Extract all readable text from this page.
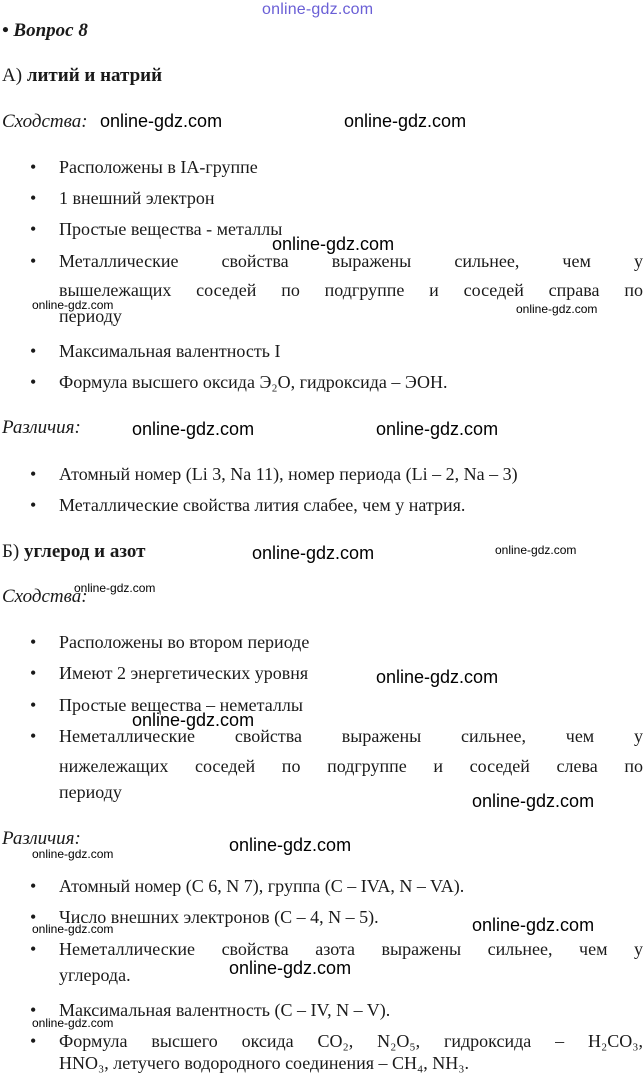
online-gdz.com
• Вопрос 8
А) литий и натрий
Сходства: online-gdz.com	online-gdz.com
• Расположены в IA-группе
• 1 внешний электрон
• Простые вещества - металлы
online-gdz.com
• Металлические свойства выражены сильнее, чем у
вышележащих соседей по подгруппе и соседей справа по
периоду
online-gdz.com	online-gdz.com
• Максимальная валентность I
• Формула высшего оксида Э₂О, гидроксида – ЭОН.
Различия:	online-gdz.com	online-gdz.com
• Атомный номер (Li 3, Na 11), номер периода (Li – 2, Na – 3)
• Металлические свойства лития слабее, чем у натрия.
Б) углерод и азот	online-gdz.com	online-gdz.com
online-gdz.com
Сходства:
• Расположены во втором периоде
• Имеют 2 энергетических уровня	online-gdz.com
• Простые вещества – неметаллы
online-gdz.com
• Неметаллические свойства выражены сильнее, чем у
нижележащих соседей по подгруппе и соседей слева по
периоду	online-gdz.com
Различия:	online-gdz.com
online-gdz.com
• Атомный номер (С 6, N 7), группа (С – IVA, N – VA).
• Число внешних электронов (С – 4, N – 5).	online-gdz.com
online-gdz.com
• Неметаллические свойства азота выражены сильнее, чем у
углерода.	online-gdz.com
• Максимальная валентность (С – IV, N – V).
online-gdz.com
• Формула высшего оксида СО₂, N₂O₅, гидроксида – Н₂СО₃,
HNO₃, летучего водородного соединения – СН₄, NH₃.
